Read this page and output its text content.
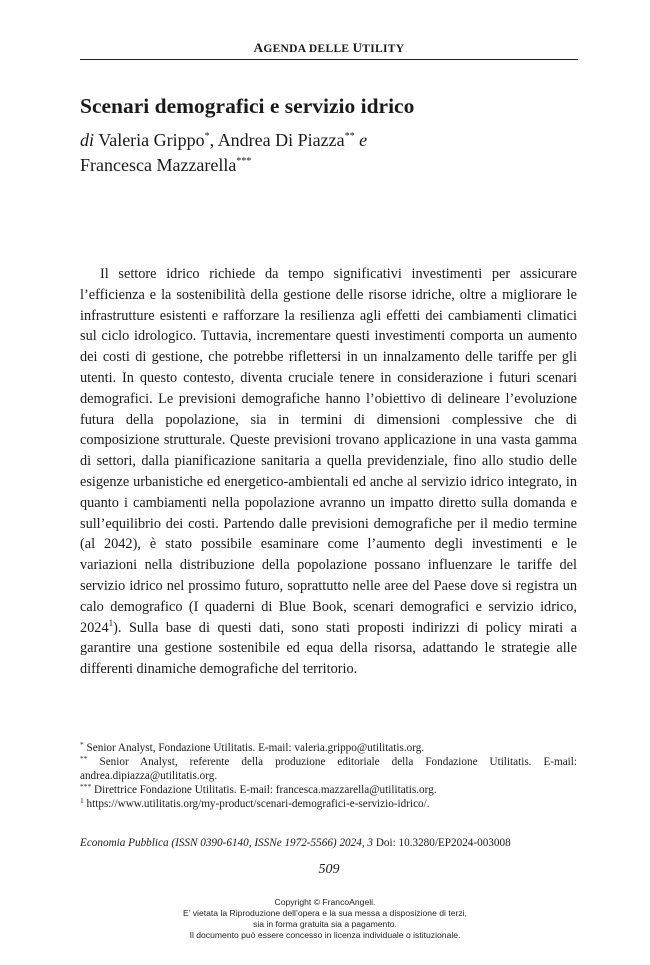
AGENDA DELLE UTILITY
Scenari demografici e servizio idrico
di Valeria Grippo*, Andrea Di Piazza** e
Francesca Mazzarella***

Il settore idrico richiede da tempo significativi investimenti per assicurare l’efficienza e la sostenibilità della gestione delle risorse idriche, oltre a migliorare le infrastrutture esistenti e rafforzare la resilienza agli effetti dei cambiamenti climatici sul ciclo idrologico. Tuttavia, incrementare questi investimenti comporta un aumento dei costi di gestione, che potrebbe riflettersi in un innalzamento delle tariffe per gli utenti. In questo contesto, diventa cruciale tenere in considerazione i futuri scenari demografici. Le previsioni demografiche hanno l’obiettivo di delineare l’evoluzione futura della popolazione, sia in termini di dimensioni complessive che di composizione strutturale. Queste previsioni trovano applicazione in una vasta gamma di settori, dalla pianificazione sanitaria a quella previdenziale, fino allo studio delle esigenze urbanistiche ed energetico-ambientali ed anche al servizio idrico integrato, in quanto i cambiamenti nella popolazione avranno un impatto diretto sulla domanda e sull’equilibrio dei costi. Partendo dalle previsioni demografiche per il medio termine (al 2042), è stato possibile esaminare come l’aumento degli investimenti e le variazioni nella distribuzione della popolazione possano influenzare le tariffe del servizio idrico nel prossimo futuro, soprattutto nelle aree del Paese dove si registra un calo demografico (I quaderni di Blue Book, scenari demografici e servizio idrico, 2024$^1$). Sulla base di questi dati, sono stati proposti indirizzi di policy mirati a garantire una gestione sostenibile ed equa della risorsa, adattando le strategie alle differenti dinamiche demografiche del territorio.

* Senior Analyst, Fondazione Utilitatis. E-mail: valeria.grippo@utilitatis.org.

** Senior Analyst, referente della produzione editoriale della Fondazione Utilitatis. E-mail: andrea.dipiazza@utilitatis.org.

*** Direttrice Fondazione Utilitatis. E-mail: francesca.mazzarella@utilitatis.org.

$^1$ https://www.utilitatis.org/my-product/scenari-demografici-e-servizio-idrico/.

Economia Pubblica (ISSN 0390-6140, ISSNe 1972-5566) 2024, 3 Doi: 10.3280/EP2024-003008
509
Copyright © FrancoAngeli.
E’ vietata la Riproduzione dell’opera e la sua messa a disposizione di terzi,
sia in forma gratuita sia a pagamento.
Il documento può essere concesso in licenza individuale o istituzionale.
